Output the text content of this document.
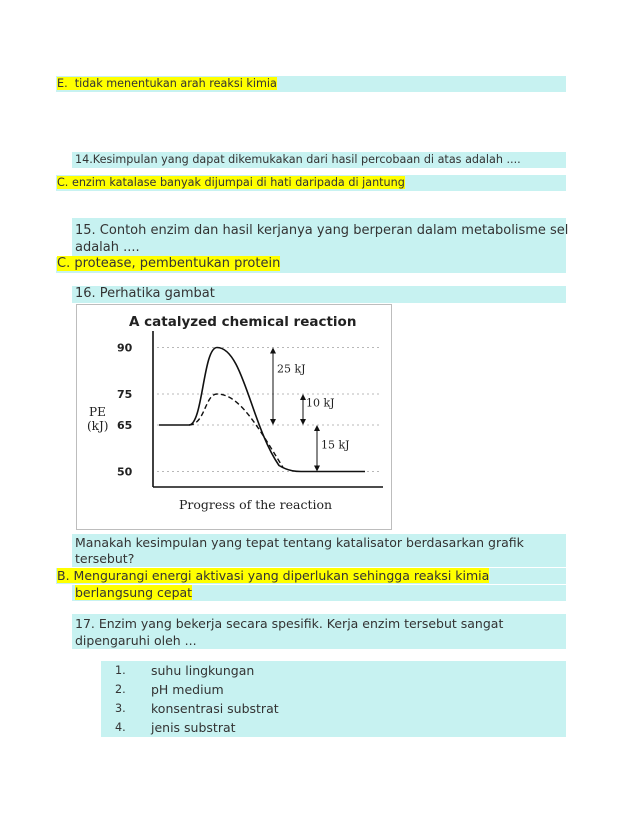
E. tidak menentukan arah reaksi kimia
14.Kesimpulan yang dapat dikemukakan dari hasil percobaan di atas adalah ....
C. enzim katalase banyak dijumpai di hati daripada di jantung
15. Contoh enzim dan hasil kerjanya yang berperan dalam metabolisme sel
adalah ....
C. protease, pembentukan protein
16. Perhatika gambat
A catalyzed chemical reaction
90
75
65
50
PE
(kJ)
25 kJ
10 kJ
15 kJ
Progress of the reaction
Manakah kesimpulan yang tepat tentang katalisator berdasarkan grafik
tersebut?
B. Mengurangi energi aktivasi yang diperlukan sehingga reaksi kimia
berlangsung cepat
17. Enzim yang bekerja secara spesifik. Kerja enzim tersebut sangat
dipengaruhi oleh ...
1. suhu lingkungan
2. pH medium
3. konsentrasi substrat
4. jenis substrat
